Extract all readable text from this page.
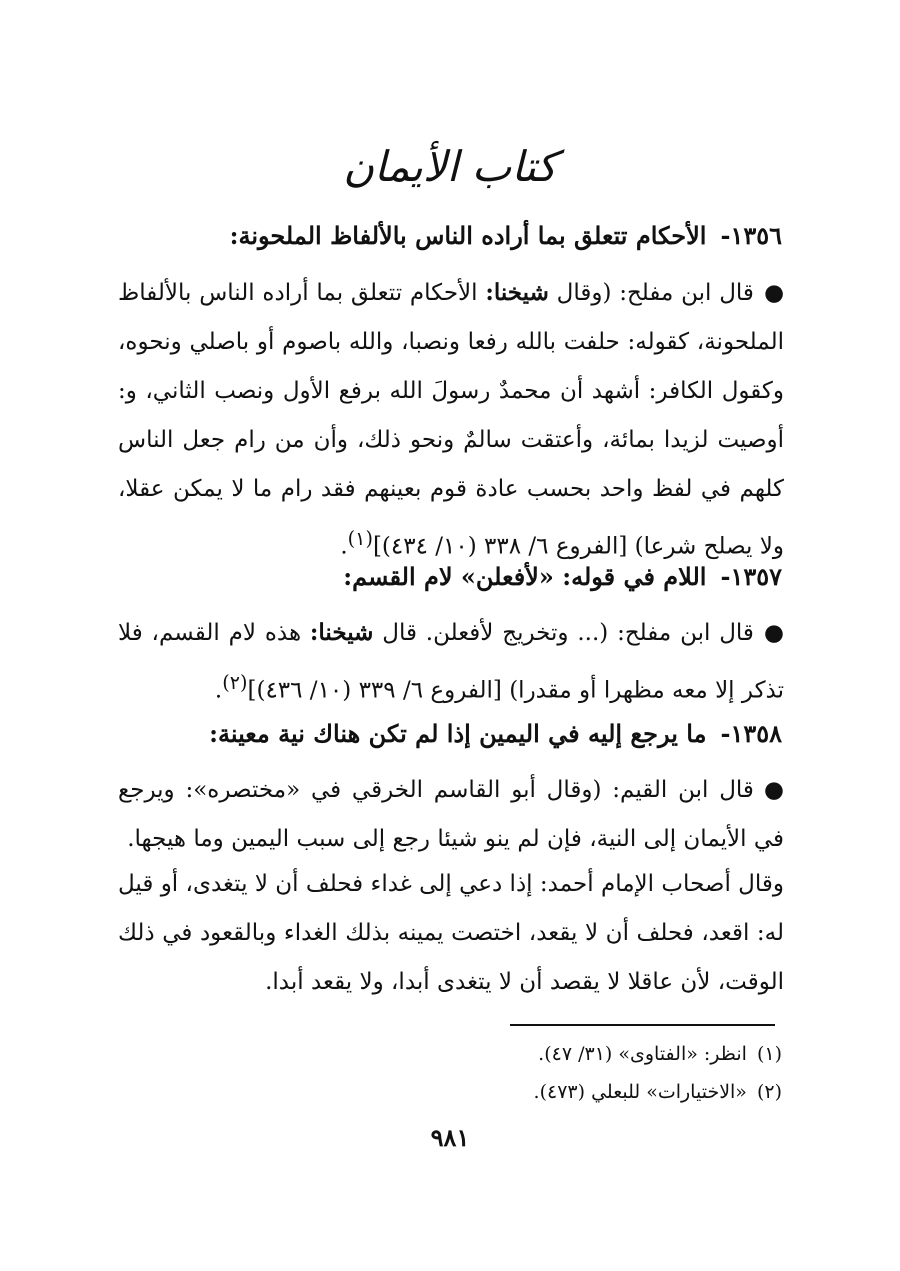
كتاب الأيمان
١٣٥٦-الأحكام تتعلق بما أراده الناس بالألفاظ الملحونة:
●قال ابن مفلح: (وقال شيخنا: الأحكام تتعلق بما أراده الناس بالألفاظ الملحونة، كقوله: حلفت بالله رفعا ونصبا، والله باصوم أو باصلي ونحوه، وكقول الكافر: أشهد أن محمدٌ رسولَ الله برفع الأول ونصب الثاني، و: أوصيت لزيدا بمائة، وأعتقت سالمٌ ونحو ذلك، وأن من رام جعل الناس كلهم في لفظ واحد بحسب عادة قوم بعينهم فقد رام ما لا يمكن عقلا، ولا يصلح شرعا) [الفروع ٦/ ٣٣٨ (١٠/ ٤٣٤)]$^{(١)}$.
١٣٥٧-اللام في قوله: «لأفعلن» لام القسم:
●قال ابن مفلح: (... وتخريج لأفعلن. قال شيخنا: هذه لام القسم، فلا تذكر إلا معه مظهرا أو مقدرا) [الفروع ٦/ ٣٣٩ (١٠/ ٤٣٦)]$^{(٢)}$.
١٣٥٨-ما يرجع إليه في اليمين إذا لم تكن هناك نية معينة:
●قال ابن القيم: (وقال أبو القاسم الخرقي في «مختصره»: ويرجع في الأيمان إلى النية، فإن لم ينو شيئا رجع إلى سبب اليمين وما هيجها.
وقال أصحاب الإمام أحمد: إذا دعي إلى غداء فحلف أن لا يتغدى، أو قيل له: اقعد، فحلف أن لا يقعد، اختصت يمينه بذلك الغداء وبالقعود في ذلك الوقت، لأن عاقلا لا يقصد أن لا يتغدى أبدا، ولا يقعد أبدا.
(١)انظر: «الفتاوى» (٣١/ ٤٧).
(٢)«الاختيارات» للبعلي (٤٧٣).
٩٨١
